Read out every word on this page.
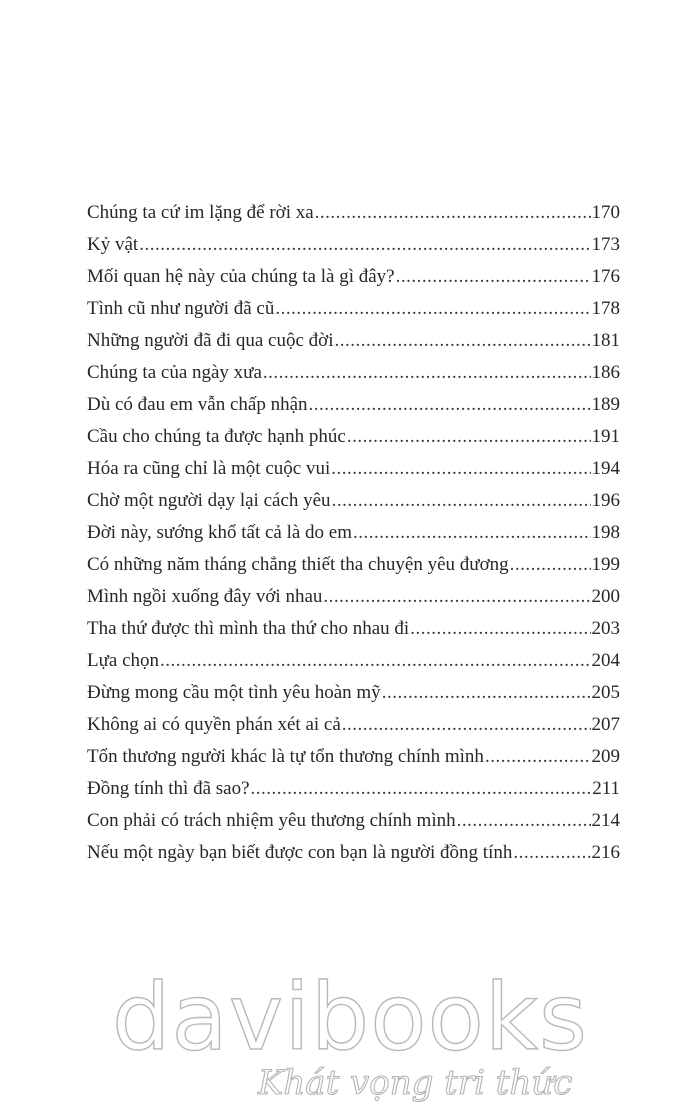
Chúng ta cứ im lặng để rời xa .....	170
Kỷ vật .....	173
Mối quan hệ này của chúng ta là gì đây? .....	176
Tình cũ như người đã cũ .....	178
Những người đã đi qua cuộc đời .....	181
Chúng ta của ngày xưa .....	186
Dù có đau em vẫn chấp nhận .....	189
Cầu cho chúng ta được hạnh phúc .....	191
Hóa ra cũng chỉ là một cuộc vui .....	194
Chờ một người dạy lại cách yêu .....	196
Đời này, sướng khổ tất cả là do em .....	198
Có những năm tháng chẳng thiết tha chuyện yêu đương .....	199
Mình ngồi xuống đây với nhau .....	200
Tha thứ được thì mình tha thứ cho nhau đi .....	203
Lựa chọn .....	204
Đừng mong cầu một tình yêu hoàn mỹ .....	205
Không ai có quyền phán xét ai cả .....	207
Tổn thương người khác là tự tổn thương chính mình .....	209
Đồng tính thì đã sao? .....	211
Con phải có trách nhiệm yêu thương chính mình .....	214
Nếu một ngày bạn biết được con bạn là người đồng tính .....	216
davibooks
Khát vọng tri thức
